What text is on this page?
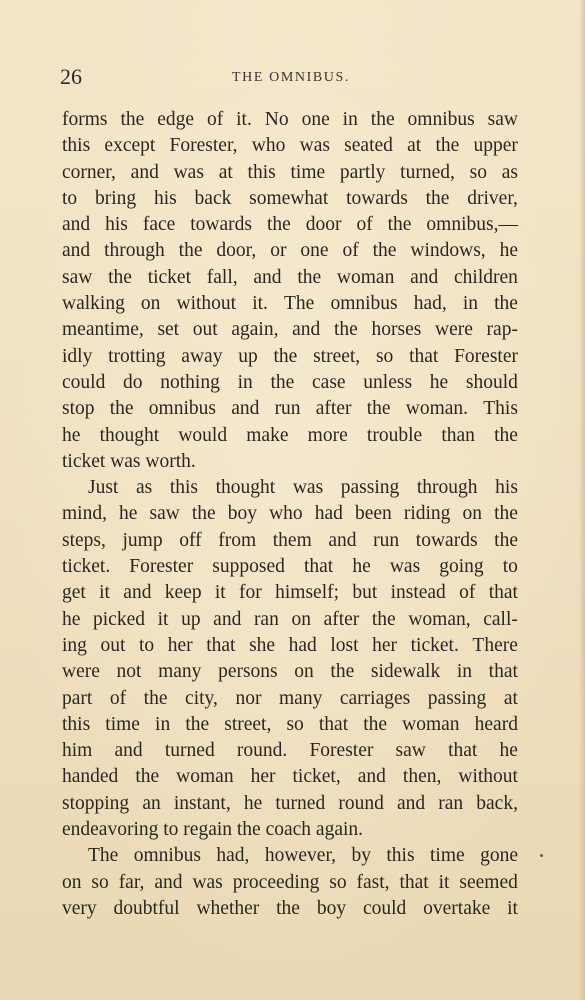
26	THE OMNIBUS.
forms the edge of it. No one in the omnibus saw
this except Forester, who was seated at the upper
corner, and was at this time partly turned, so as
to bring his back somewhat towards the driver,
and his face towards the door of the omnibus,—
and through the door, or one of the windows, he
saw the ticket fall, and the woman and children
walking on without it. The omnibus had, in the
meantime, set out again, and the horses were rap-
idly trotting away up the street, so that Forester
could do nothing in the case unless he should
stop the omnibus and run after the woman. This
he thought would make more trouble than the
ticket was worth.
Just as this thought was passing through his
mind, he saw the boy who had been riding on the
steps, jump off from them and run towards the
ticket. Forester supposed that he was going to
get it and keep it for himself; but instead of that
he picked it up and ran on after the woman, call-
ing out to her that she had lost her ticket. There
were not many persons on the sidewalk in that
part of the city, nor many carriages passing at
this time in the street, so that the woman heard
him and turned round. Forester saw that he
handed the woman her ticket, and then, without
stopping an instant, he turned round and ran back,
endeavoring to regain the coach again.
The omnibus had, however, by this time gone
on so far, and was proceeding so fast, that it seemed
very doubtful whether the boy could overtake it
